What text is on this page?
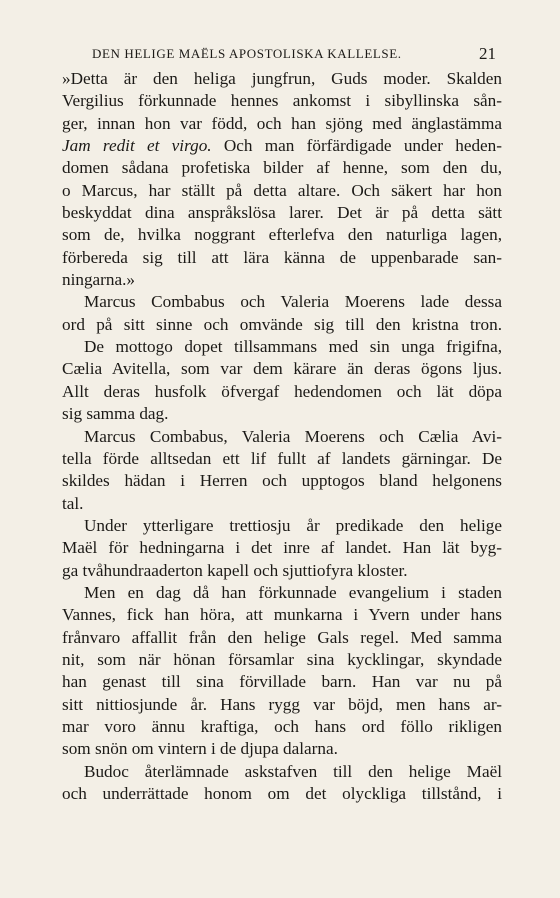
DEN HELIGE MAËLS APOSTOLISKA KALLELSE.	21
»Detta är den heliga jungfrun, Guds moder. Skalden
Vergilius förkunnade hennes ankomst i sibyllinska sån-
ger, innan hon var född, och han sjöng med änglastämma
Jam redit et virgo. Och man förfärdigade under heden-
domen sådana profetiska bilder af henne, som den du,
o Marcus, har ställt på detta altare. Och säkert har hon
beskyddat dina anspråkslösa larer. Det är på detta sätt
som de, hvilka noggrant efterlefva den naturliga lagen,
förbereda sig till att lära känna de uppenbarade san-
ningarna.»
Marcus Combabus och Valeria Moerens lade dessa
ord på sitt sinne och omvände sig till den kristna tron.
De mottogo dopet tillsammans med sin unga frigifna,
Cælia Avitella, som var dem kärare än deras ögons ljus.
Allt deras husfolk öfvergaf hedendomen och lät döpa
sig samma dag.
Marcus Combabus, Valeria Moerens och Cælia Avi-
tella förde alltsedan ett lif fullt af landets gärningar. De
skildes hädan i Herren och upptogos bland helgonens
tal.
Under ytterligare trettiosju år predikade den helige
Maël för hedningarna i det inre af landet. Han lät byg-
ga tvåhundraaderton kapell och sjuttiofyra kloster.
Men en dag då han förkunnade evangelium i staden
Vannes, fick han höra, att munkarna i Yvern under hans
frånvaro affallit från den helige Gals regel. Med samma
nit, som när hönan församlar sina kycklingar, skyndade
han genast till sina förvillade barn. Han var nu på
sitt nittiosjunde år. Hans rygg var böjd, men hans ar-
mar voro ännu kraftiga, och hans ord föllo rikligen
som snön om vintern i de djupa dalarna.
Budoc återlämnade askstafven till den helige Maël
och underrättade honom om det olyckliga tillstånd, i
